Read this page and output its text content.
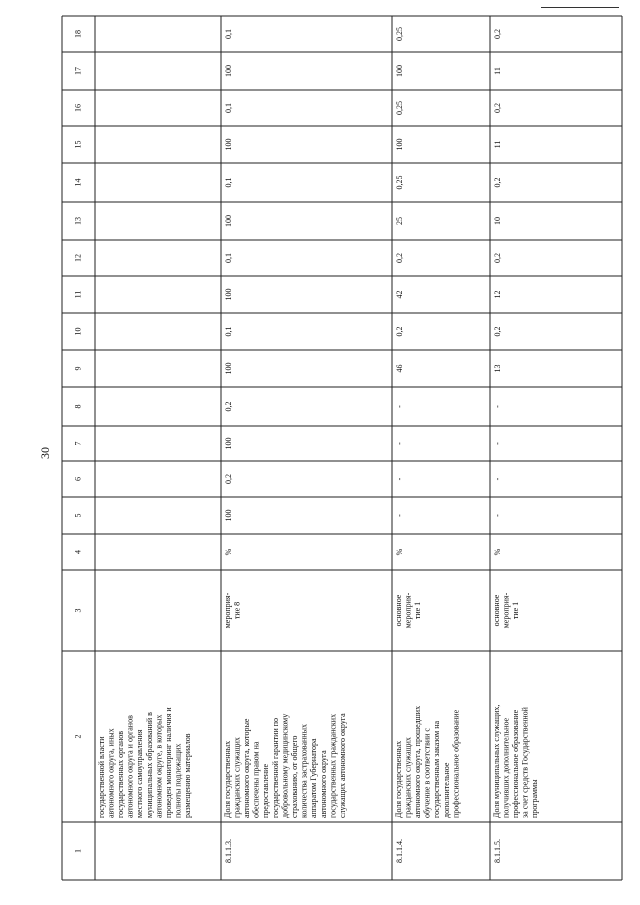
30
1
2
3
4
5
6
7
8
9
10
11
12
13
14
15
16
17
18
государственной власти автономного округа, иных государственных органов автономного округа и органов местного самоуправления муниципальных образований в автономном округе, в которых проведен мониторинг наличия и полноты подлежащих размещению материалов
8.1.1.3.
Доля государственных гражданских служащих автономного округа, которые обеспечены правом на предоставление государственной гарантии по добровольному медицинскому страхованию, от общего количества застрахованных аппаратом Губернатора автономного округа государственных гражданских служащих автономного округа
мероприя- тие 8
%
100
0,2
100
0,2
100
0,1
100
0,1
100
0,1
100
0,1
100
0,1
8.1.1.4.
Доля государственных гражданских служащих автономного округа, прошедших обучение в соответствии с государственным заказом на дополнительное профессиональное образование
основное мероприя- тие 1
%
-
-
-
-
46
0,2
42
0,2
25
0,25
100
0,25
100
0,25
8.1.1.5.
Доля муниципальных служащих, получивших дополнительное профессиональное образование за счет средств Государственной программы
основное мероприя- тие 1
%
-
-
-
-
13
0,2
12
0,2
10
0,2
11
0,2
11
0,2
